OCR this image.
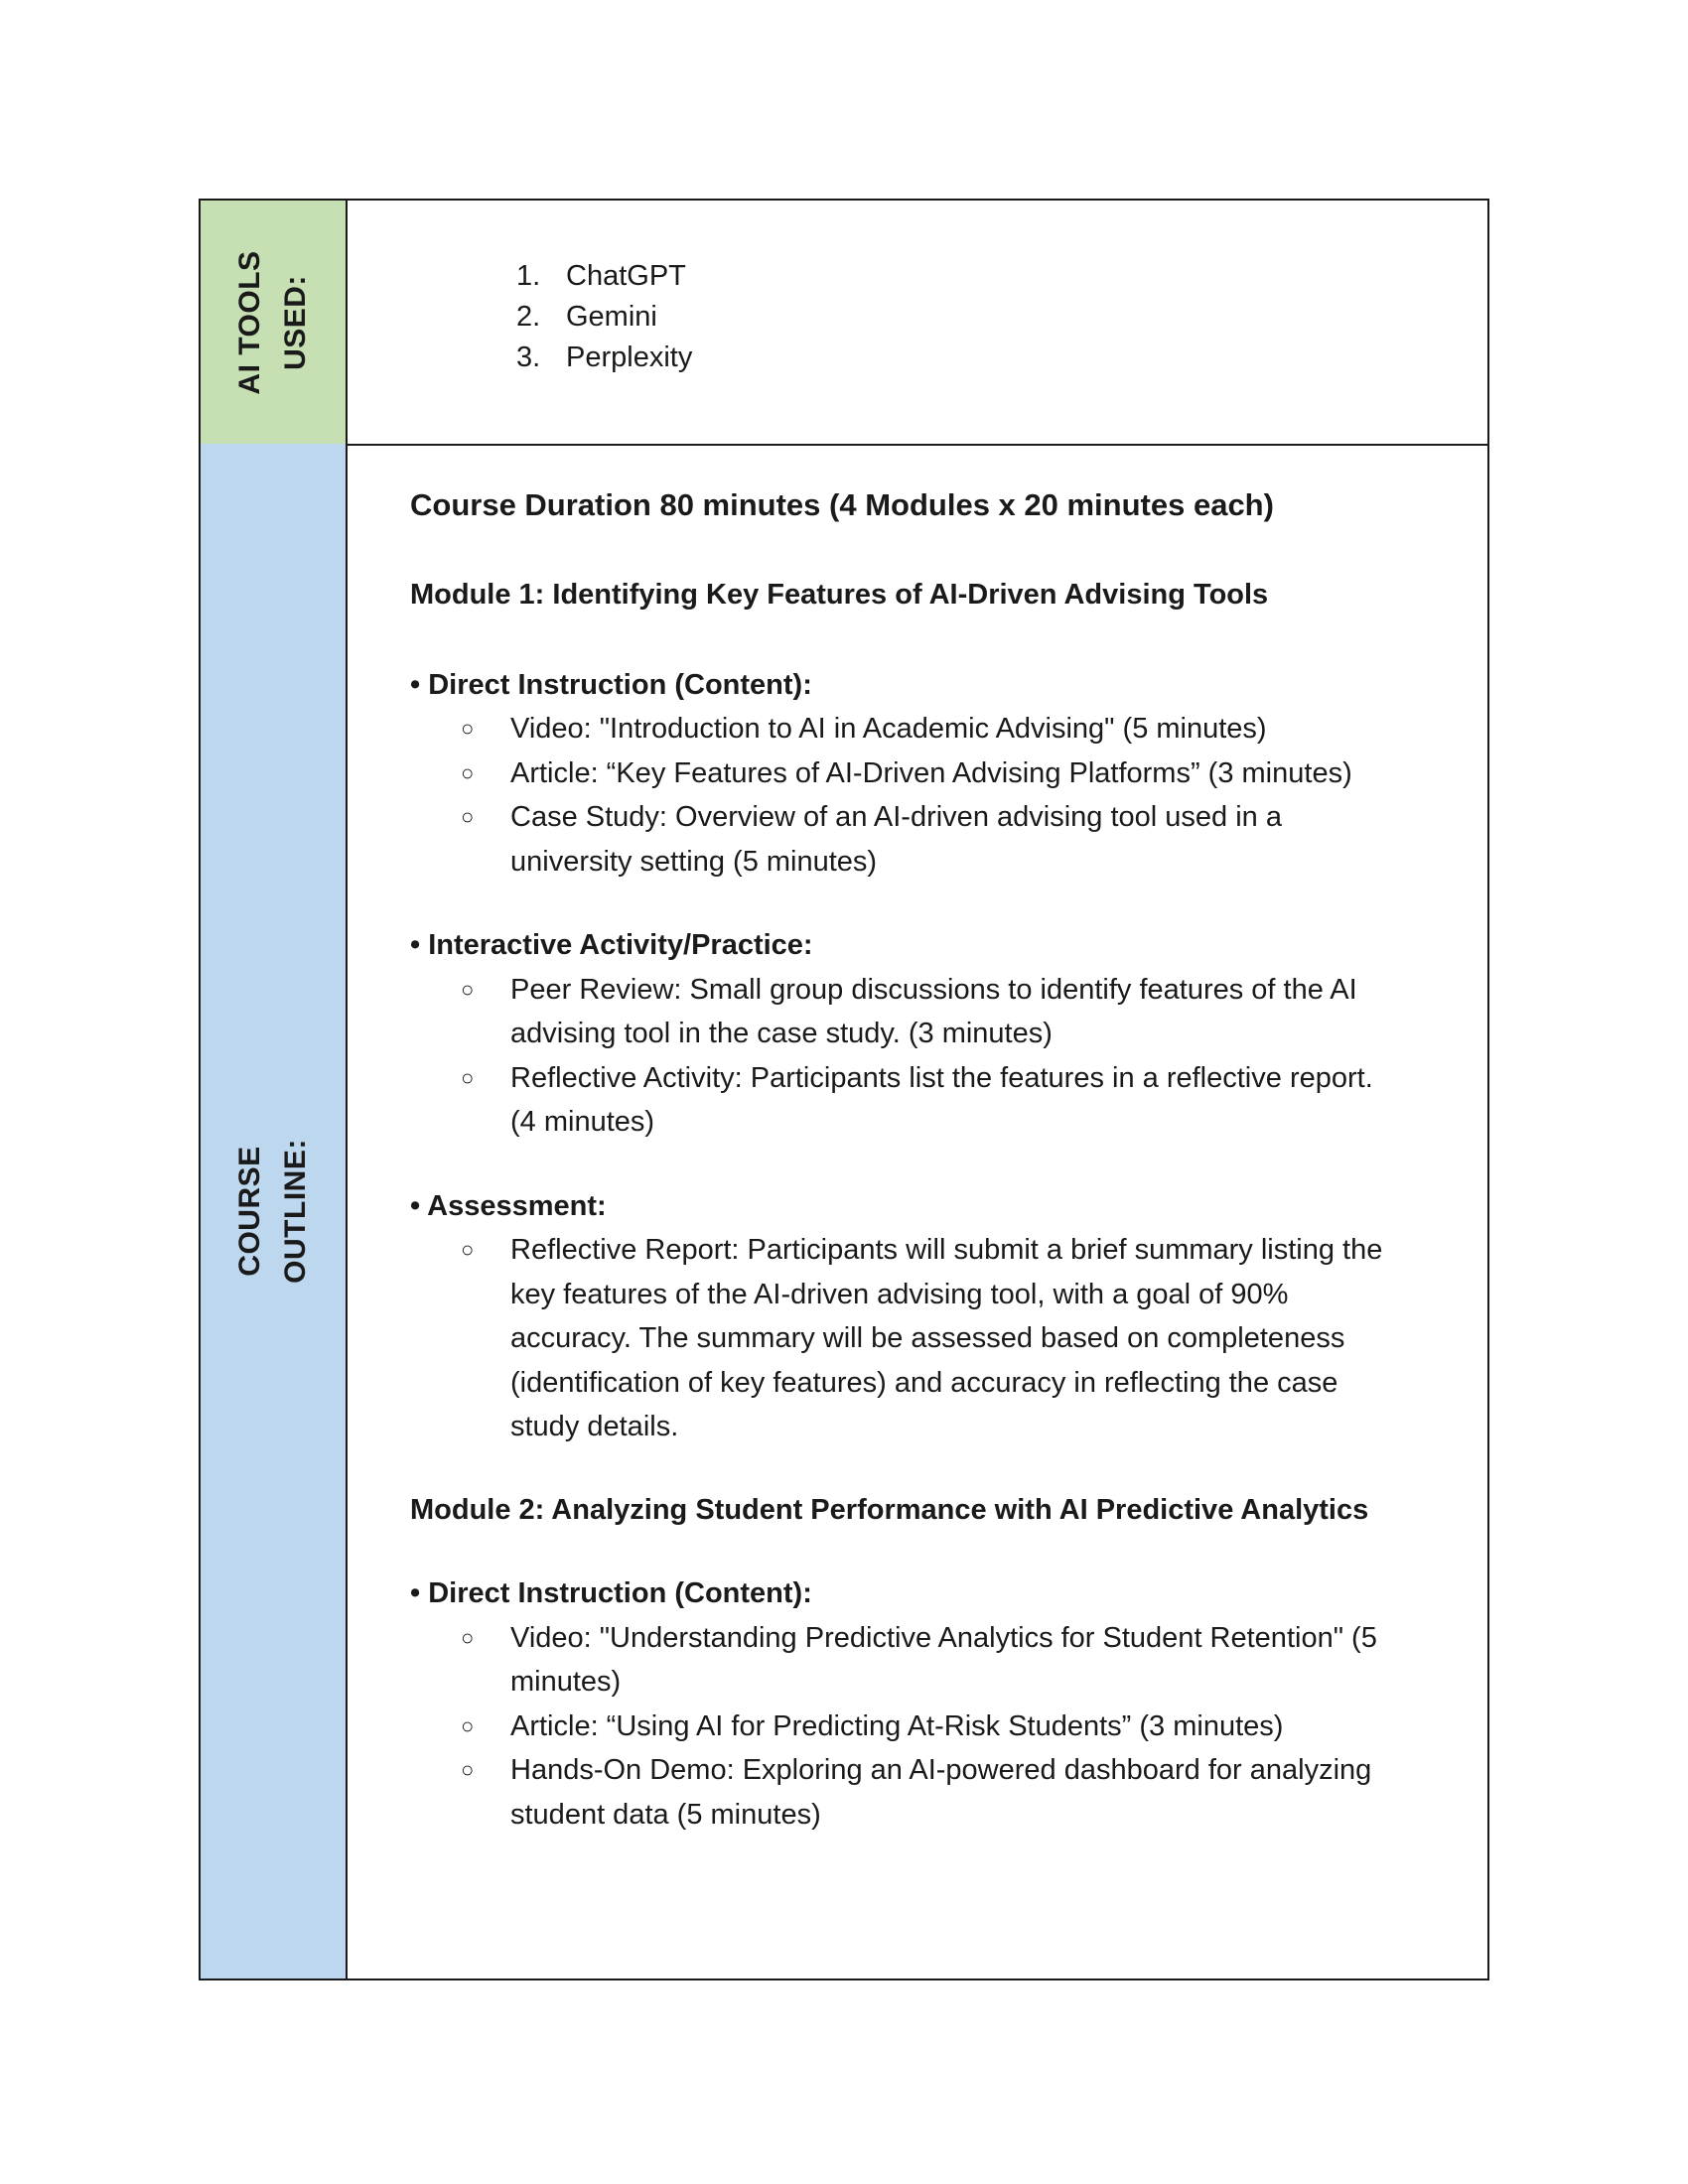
AI TOOLS USED:	1. ChatGPT
2. Gemini
3. Perplexity
COURSE OUTLINE:

Course Duration 80 minutes (4 Modules x 20 minutes each)

Module 1: Identifying Key Features of AI-Driven Advising Tools

• Direct Instruction (Content):

○ Video: "Introduction to AI in Academic Advising" (5 minutes)
○ Article: “Key Features of AI-Driven Advising Platforms” (3 minutes)
○ Case Study: Overview of an AI-driven advising tool used in a university setting (5 minutes)

• Interactive Activity/Practice:

○ Peer Review: Small group discussions to identify features of the AI advising tool in the case study. (3 minutes)
○ Reflective Activity: Participants list the features in a reflective report. (4 minutes)

• Assessment:

○ Reflective Report: Participants will submit a brief summary listing the key features of the AI-driven advising tool, with a goal of 90% accuracy. The summary will be assessed based on completeness (identification of key features) and accuracy in reflecting the case study details.

Module 2: Analyzing Student Performance with AI Predictive Analytics

• Direct Instruction (Content):

○ Video: "Understanding Predictive Analytics for Student Retention" (5 minutes)
○ Article: “Using AI for Predicting At-Risk Students” (3 minutes)
○ Hands-On Demo: Exploring an AI-powered dashboard for analyzing student data (5 minutes)
